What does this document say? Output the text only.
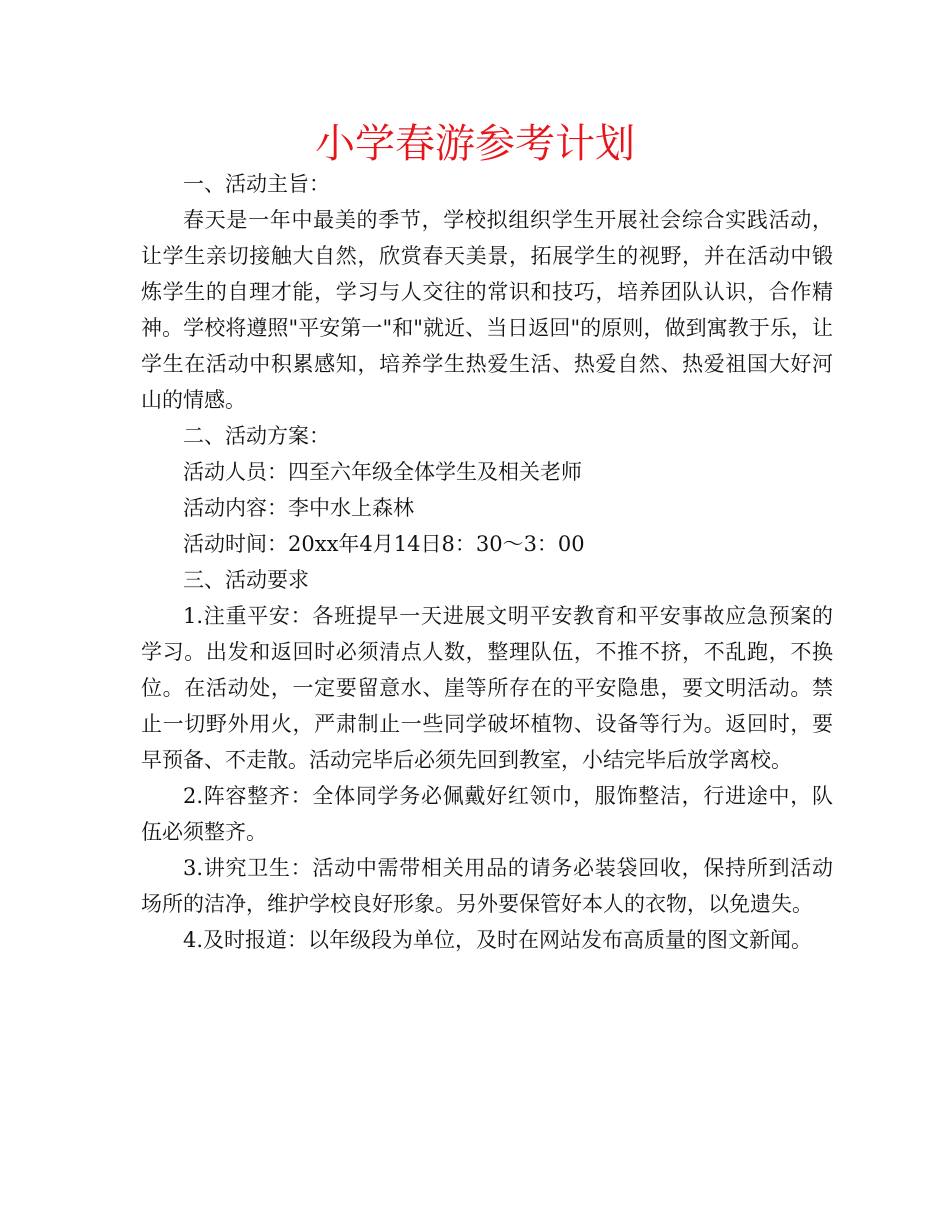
小学春游参考计划

一、活动主旨：

春天是一年中最美的季节，学校拟组织学生开展社会综合实践活动，让学生亲切接触大自然，欣赏春天美景，拓展学生的视野，并在活动中锻炼学生的自理才能，学习与人交往的常识和技巧，培养团队认识，合作精神。学校将遵照"平安第一"和"就近、当日返回"的原则，做到寓教于乐，让学生在活动中积累感知，培养学生热爱生活、热爱自然、热爱祖国大好河山的情感。

二、活动方案：

活动人员：四至六年级全体学生及相关老师

活动内容：李中水上森林

活动时间：20xx年4月14日8：30～3：00

三、活动要求

1.注重平安：各班提早一天进展文明平安教育和平安事故应急预案的学习。出发和返回时必须清点人数，整理队伍，不推不挤，不乱跑，不换位。在活动处，一定要留意水、崖等所存在的平安隐患，要文明活动。禁止一切野外用火，严肃制止一些同学破坏植物、设备等行为。返回时，要早预备、不走散。活动完毕后必须先回到教室，小结完毕后放学离校。

2.阵容整齐：全体同学务必佩戴好红领巾，服饰整洁，行进途中，队伍必须整齐。

3.讲究卫生：活动中需带相关用品的请务必装袋回收，保持所到活动场所的洁净，维护学校良好形象。另外要保管好本人的衣物，以免遗失。

4.及时报道：以年级段为单位，及时在网站发布高质量的图文新闻。
